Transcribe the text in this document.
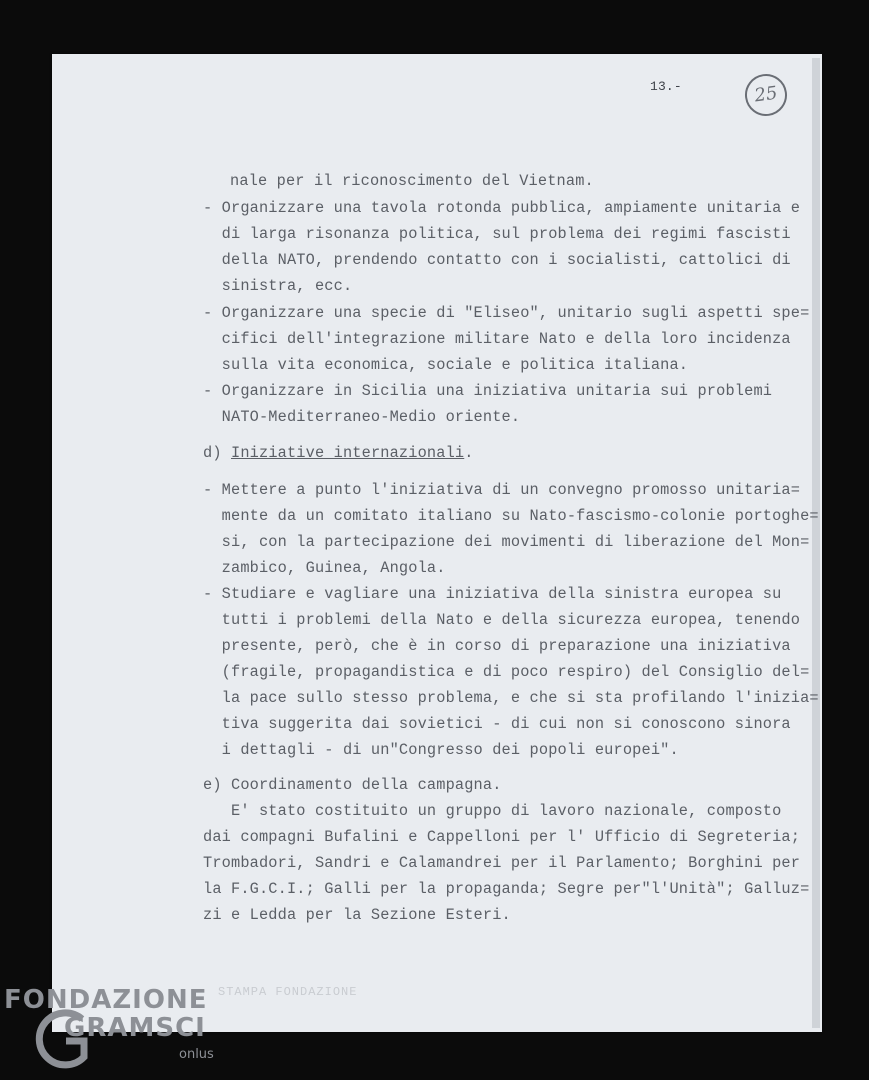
13.-	25
nale per il riconoscimento del Vietnam.
- Organizzare una tavola rotonda pubblica, ampiamente unitaria e
di larga risonanza politica, sul problema dei regimi fascisti
della NATO, prendendo contatto con i socialisti, cattolici di
sinistra, ecc.
- Organizzare una specie di "Eliseo", unitario sugli aspetti spe=
cifici dell'integrazione militare Nato e della loro incidenza
sulla vita economica, sociale e politica italiana.
- Organizzare in Sicilia una iniziativa unitaria sui problemi
NATO-Mediterraneo-Medio oriente.
d) Iniziative internazionali.
- Mettere a punto l'iniziativa di un convegno promosso unitaria=
mente da un comitato italiano su Nato-fascismo-colonie portoghe=
si, con la partecipazione dei movimenti di liberazione del Mon=
zambico, Guinea, Angola.
- Studiare e vagliare una iniziativa della sinistra europea su
tutti i problemi della Nato e della sicurezza europea, tenendo
presente, però, che è in corso di preparazione una iniziativa
(fragile, propagandistica e di poco respiro) del Consiglio del=
la pace sullo stesso problema, e che si sta profilando l'inizia=
tiva suggerita dai sovietici - di cui non si conoscono sinora
i dettagli - di un"Congresso dei popoli europei".
e) Coordinamento della campagna.
E' stato costituito un gruppo di lavoro nazionale, composto
dai compagni Bufalini e Cappelloni per l' Ufficio di Segreteria;
Trombadori, Sandri e Calamandrei per il Parlamento; Borghini per
la F.G.C.I.; Galli per la propaganda; Segre per"l'Unità"; Galluz=
zi e Ledda per la Sezione Esteri.
STAMPA FONDAZIONE
FONDAZIONE
GRAMSCI
onlus
